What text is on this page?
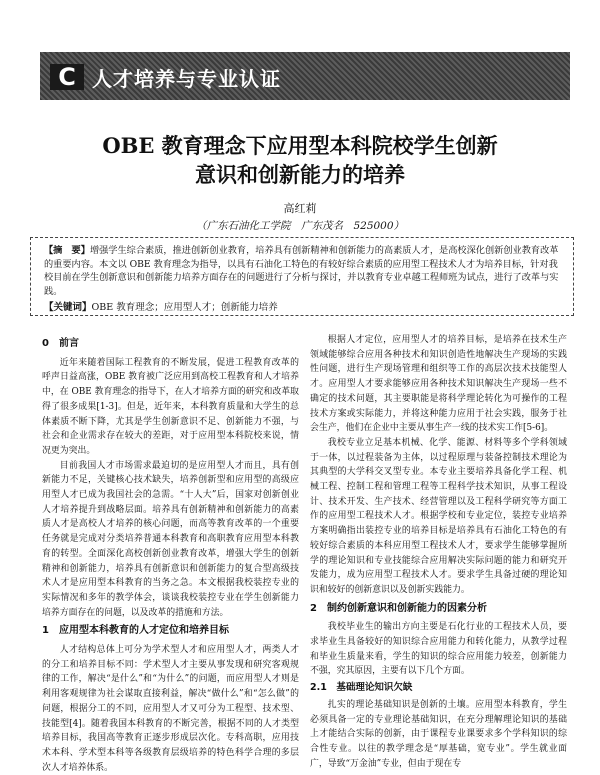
C 人才培养与专业认证
OBE 教育理念下应用型本科院校学生创新
意识和创新能力的培养
高红莉
（广东石油化工学院　广东茂名　525000）
【摘　要】增强学生综合素质，推进创新创业教育，培养具有创新精神和创新能力的高素质人才，是高校深化创新创业教育改革的重要内容。本文以 OBE 教育理念为指导，以具有石油化工特色的有较好综合素质的应用型工程技术人才为培养目标，针对我校目前在学生创新意识和创新能力培养方面存在的问题进行了分析与探讨，并以教育专业卓越工程师班为试点，进行了改革与实践。
【关键词】OBE 教育理念；应用型人才；创新能力培养
0　前言

近年来随着国际工程教育的不断发展，促进工程教育改革的呼声日益高涨，OBE 教育被广泛应用到高校工程教育和人才培养中，在 OBE 教育理念的指导下，在人才培养方面的研究和改革取得了很多成果[1-3]。但是，近年来，本科教育质量和大学生的总体素质不断下降，尤其是学生创新意识不足、创新能力不强，与社会和企业需求存在较大的差距，对于应用型本科院校来说，情况更为突出。

目前我国人才市场需求最迫切的是应用型人才而且，具有创新能力不足，关键核心技术缺失，培养创新型和应用型的高级应用型人才已成为我国社会的急需。“十人大”后，国家对创新创业人才培养提升到战略层面。培养具有创新精神和创新能力的高素质人才是高校人才培养的核心问题，而高等教育改革的一个重要任务就是完成对分类培养普通本科教育和高职教育应用型本科教育的转型。全面深化高校创新创业教育改革，增强大学生的创新精神和创新能力，培养具有创新意识和创新能力的复合型高级技术人才是应用型本科教育的当务之急。本文根据我校装控专业的实际情况和多年的教学体会，谈谈我校装控专业在学生创新能力培养方面存在的问题，以及改革的措施和方法。

1　应用型本科教育的人才定位和培养目标

人才结构总体上可分为学术型人才和应用型人才，两类人才的分工和培养目标不同：学术型人才主要从事发现和研究客观规律的工作，解决“是什么”和“为什么”的问题，而应用型人才则是利用客观规律为社会谋取直接利益，解决“做什么”和“怎么做”的问题，根据分工的不同，应用型人才又可分为工程型、技术型、技能型[4]。随着我国本科教育的不断完善，根据不同的人才类型培养目标，我国高等教育正逐步形成层次化。专科高职，应用技术本科、学术型本科等各级教育层级培养的特色科学合理的多层次人才培养体系。

根据人才定位，应用型人才的培养目标，是培养在技术生产领域能够综合应用各种技术和知识创造性地解决生产现场的实践性问题，进行生产现场管理和组织等工作的高层次技术技能型人才。应用型人才要求能够应用各种技术知识解决生产现场一些不确定的技术问题，其主要职能是将科学理论转化为可操作的工程技术方案或实际能力，并将这种能力应用于社会实践，服务于社会生产，他们在企业中主要从事生产一线的技术实工作[5-6]。

我校专业立足基本机械、化学、能源、材料等多个学科领域于一体，以过程装备为主体，以过程原理与装备控制技术理论为其典型的大学科交叉型专业。本专业主要培养具备化学工程、机械工程、控制工程和管理工程等工程科学技术知识，从事工程设计、技术开发、生产技术、经营管理以及工程科学研究等方面工作的应用型工程技术人才。根据学校和专业定位，装控专业培养方案明确指出装控专业的培养目标是培养具有石油化工特色的有较好综合素质的本科应用型工程技术人才，要求学生能够掌握所学的理论知识和专业技能综合应用解决实际问题的能力和研究开发能力，成为应用型工程技术人才。要求学生具备过硬的理论知识和较好的创新意识以及创新实践能力。

2　制约创新意识和创新能力的因素分析

我校毕业生的输出方向主要是石化行业的工程技术人员，要求毕业生具备较好的知识综合应用能力和转化能力，从教学过程和毕业生质量来看，学生的知识的综合应用能力较差，创新能力不强，究其原因，主要有以下几个方面。

2.1　基础理论知识欠缺

扎实的理论基础知识是创新的土壤。应用型本科教育，学生必须具备一定的专业理论基础知识，在充分理解理论知识的基础上才能结合实际的创新，由于课程专业课要求多个学科知识的综合性专业。以往的教学理念是“厚基础，宽专业”。学生就业面广，导致“万金油”专业，但由于现在专
